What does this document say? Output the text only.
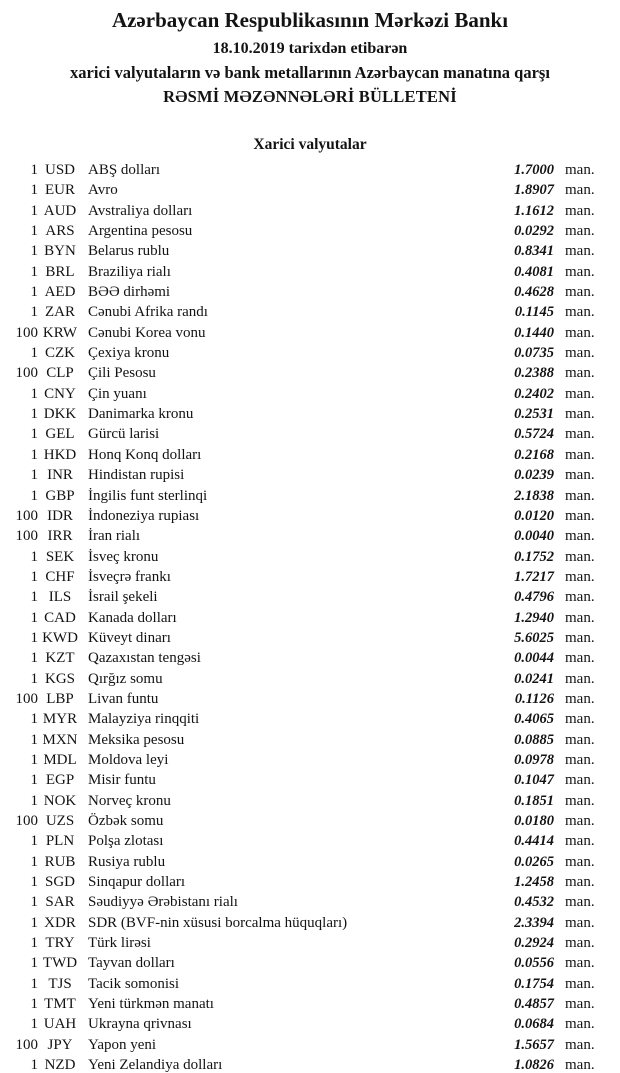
Azərbaycan Respublikasının Mərkəzi Bankı
18.10.2019 tarixdən etibarən
xarici valyutaların və bank metallarının Azərbaycan manatına qarşı
RƏSMİ MƏZƏNNƏLƏRİ BÜLLETENİ
Xarici valyutalar
1 USD ABŞ dolları	1.7000 man.
1 EUR Avro	1.8907 man.
1 AUD Avstraliya dolları	1.1612 man.
1 ARS Argentina pesosu	0.0292 man.
1 BYN Belarus rublu	0.8341 man.
1 BRL Braziliya rialı	0.4081 man.
1 AED BƏƏ dirhəmi	0.4628 man.
1 ZAR Cənubi Afrika randı	0.1145 man.
100 KRW Cənubi Korea vonu	0.1440 man.
1 CZK Çexiya kronu	0.0735 man.
100 CLP Çili Pesosu	0.2388 man.
1 CNY Çin yuanı	0.2402 man.
1 DKK Danimarka kronu	0.2531 man.
1 GEL Gürcü larisi	0.5724 man.
1 HKD Honq Konq dolları	0.2168 man.
1 INR	Hindistan rupisi	0.0239 man.
1 GBP İngilis funt sterlinqi	2.1838 man.
100 IDR	İndoneziya rupiası	0.0120 man.
100 IRR	İran rialı	0.0040 man.
1 SEK İsveç kronu	0.1752 man.
1 CHF İsveçrə frankı	1.7217 man.
1 ILS	İsrail şekeli	0.4796 man.
1 CAD Kanada dolları	1.2940 man.
1 KWD Küveyt dinarı	5.6025 man.
1 KZT Qazaxıstan tengəsi	0.0044 man.
1 KGS Qırğız somu	0.0241 man.
100 LBP Livan funtu	0.1126 man.
1 MYR Malayziya rinqqiti	0.4065 man.
1 MXN Meksika pesosu	0.0885 man.
1 MDL Moldova leyi	0.0978 man.
1 EGP Misir funtu	0.1047 man.
1 NOK Norveç kronu	0.1851 man.
100 UZS Özbək somu	0.0180 man.
1 PLN Polşa zlotası	0.4414 man.
1 RUB Rusiya rublu	0.0265 man.
1 SGD Sinqapur dolları	1.2458 man.
1 SAR Səudiyyə Ərəbistanı rialı	0.4532 man.
1 XDR SDR (BVF-nin xüsusi borcalma hüquqları)	2.3394 man.
1 TRY Türk lirəsi	0.2924 man.
1 TWD Tayvan dolları	0.0556 man.
1 TJS	Tacik somonisi	0.1754 man.
1 TMT Yeni türkmən manatı	0.4857 man.
1 UAH Ukrayna qrivnası	0.0684 man.
100 JPY	Yapon yeni	1.5657 man.
1 NZD Yeni Zelandiya dolları	1.0826 man.
